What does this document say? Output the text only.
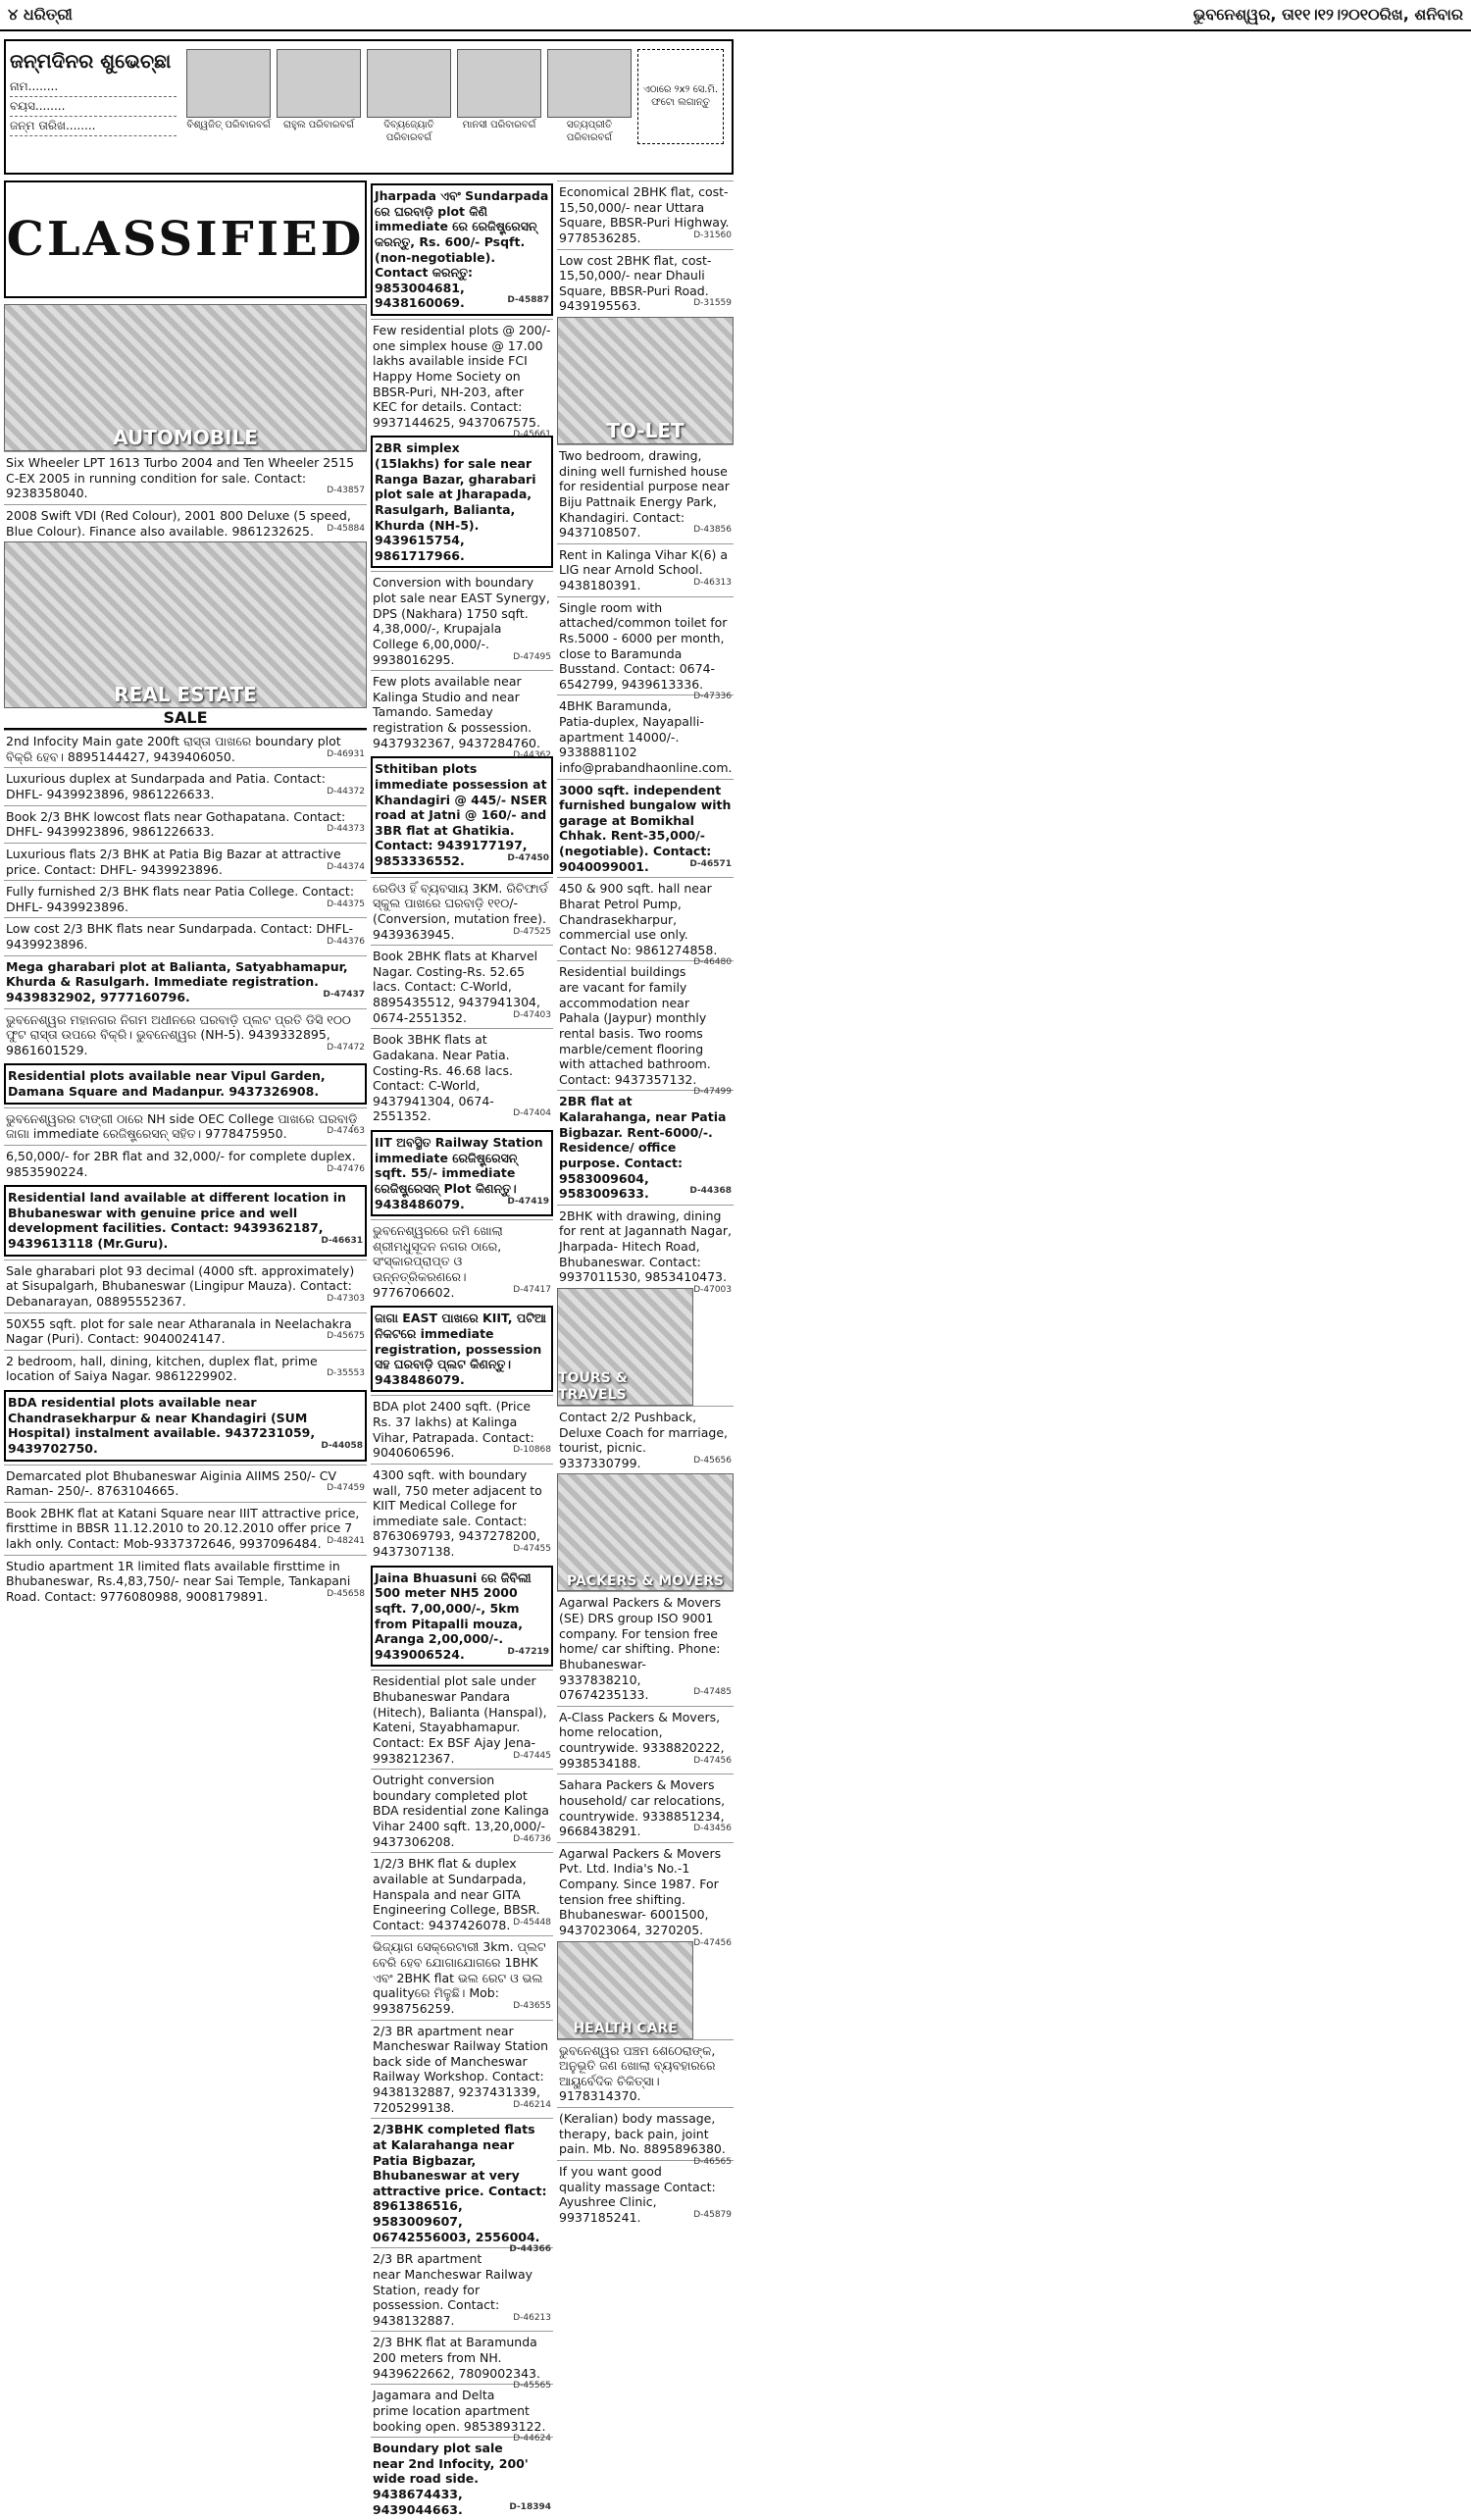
୪ ଧରିତ୍ରୀ	ଭୁବନେଶ୍ୱର, ତା୧୧।୧୨।୨୦୧୦ରିଖ, ଶନିବାର
ଜନ୍ମଦିନର ଶୁଭେଚ୍ଛା
ନାମ........
ବୟସ........
ଜନ୍ମ ତାରିଖ........	ବିଶ୍ୱଜିତ୍ ପରିବାରବର୍ଗ	ରାହୁଲ ପରିବାରବର୍ଗ	ଦିବ୍ୟଜ୍ୟୋତି ପରିବାରବର୍ଗ
ମାନସୀ ପରିବାରବର୍ଗ	ସତ୍ୟପ୍ରୀତି ପରିବାରବର୍ଗ
ଏଠାରେ ୨x୨ ସେ.ମି. ଫଟୋ ଲଗାନ୍ତୁ
CLASSIFIED
AUTOMOBILE
Six Wheeler LPT 1613 Turbo 2004 and Ten Wheeler 2515 C-EX 2005 in running condition for sale. Contact: 9238358040.	D-43857
2008 Swift VDI (Red Colour), 2001 800 Deluxe (5 speed, Blue Colour). Finance also available. 9861232625. D-45884
REAL ESTATE
SALE
2nd Infocity Main gate 200ft ରାସ୍ତା ପାଖରେ boundary plot ବିକ୍ରି ହେବ। 8895144427, 9439406050.	D-46931
Luxurious duplex at Sundarpada and Patia. Contact: DHFL- 9439923896, 9861226633.	D-44372
Book 2/3 BHK lowcost flats near Gothapatana. Contact: DHFL- 9439923896, 9861226633.	D-44373
Luxurious flats 2/3 BHK at Patia Big Bazar at attractive price. Contact: DHFL- 9439923896.	D-44374
Fully furnished 2/3 BHK flats near Patia College. Contact: DHFL- 9439923896.	D-44375
Low cost 2/3 BHK flats near Sundarpada. Contact: DHFL- 9439923896.	D-44376
Mega gharabari plot at Balianta, Satyabhamapur, Khurda & Rasulgarh. Immediate registration. 9439832902, 9777160796.	D-47437
ଭୁବନେଶ୍ୱର ମହାନଗର ନିଗମ ଅଧୀନରେ ଘରବାଡ଼ି ପ୍ଲଟ ପ୍ରତି ଡିସି ୧୦୦ ଫୁଟ ରାସ୍ତା ଉପରେ ବିକ୍ରି। ଭୁବନେଶ୍ୱର (NH-5). 9439332895, 9861601529.	D-47472
Residential plots available near Vipul Garden, Damana Square and Madanpur. 9437326908.
ଭୁବନେଶ୍ୱରର ଟାଙ୍ଗୀ ଠାରେ NH side OEC College ପାଖରେ ଘରବାଡ଼ି ଜାଗା immediate ରେଜିଷ୍ଟ୍ରେସନ୍ ସହିତ। 9778475950.	D-47463
6,50,000/- for 2BR flat and 32,000/- for complete duplex. 9853590224.	D-47476
Residential land available at different location in Bhubaneswar with genuine price and well development facilities. Contact: 9439362187, 9439613118 (Mr.Guru).	D-46631
Sale gharabari plot 93 decimal (4000 sft. approximately) at Sisupalgarh, Bhubaneswar (Lingipur Mauza). Contact: Debanarayan, 08895552367.	D-47303
50X55 sqft. plot for sale near Atharanala in Neelachakra Nagar (Puri). Contact: 9040024147.	D-45675
2 bedroom, hall, dining, kitchen, duplex flat, prime location of Saiya Nagar. 9861229902.	D-35553
BDA residential plots available near Chandrasekharpur & near Khandagiri (SUM Hospital) instalment available. 9437231059, 9439702750.	D-44058
Demarcated plot Bhubaneswar Aiginia AIIMS 250/- CV Raman- 250/-. 8763104665.	D-47459
Book 2BHK flat at Katani Square near IIIT attractive price, firsttime in BBSR 11.12.2010 to 20.12.2010 offer price 7 lakh only. Contact: Mob-9337372646, 9937096484. D-48241
Studio apartment 1R limited flats available firsttime in Bhubaneswar, Rs.4,83,750/- near Sai Temple, Tankapani Road. Contact: 9776080988, 9008179891.	D-45658
Jharpada ଏବଂ Sundarpada ରେ ଘରବାଡ଼ି plot କିଣି immediate ରେ ରେଜିଷ୍ଟ୍ରେସନ୍ କରନ୍ତୁ, Rs. 600/- Psqft. (non-negotiable). Contact କରନ୍ତୁ: 9853004681, 9438160069.	D-45887
Few residential plots @ 200/- one simplex house @ 17.00 lakhs available inside FCI Happy Home Society on BBSR-Puri, NH-203, after KEC for details. Contact: 9937144625, 9437067575.
D-45661
2BR simplex (15lakhs) for sale near Ranga Bazar, gharabari plot sale at Jharapada, Rasulgarh, Balianta, Khurda (NH-5). 9439615754, 9861717966.
Conversion with boundary plot sale near EAST Synergy, DPS (Nakhara) 1750 sqft. 4,38,000/-, Krupajala College 6,00,000/-. 9938016295.	D-47495
Few plots available near Kalinga Studio and near Tamando. Sameday registration & possession. 9437932367, 9437284760.
D-44362
Sthitiban plots immediate possession at Khandagiri @ 445/- NSER road at Jatni @ 160/- and 3BR flat at Ghatikia. Contact: 9439177197, 9853336552.	D-47450
ରେଡିଓ ହିଁ ବ୍ୟବସାୟ 3KM. ରିଚିଫାର୍ଡ ସ୍କୁଲ ପାଖରେ ଘରବାଡ଼ି ୧୧୦/- (Conversion, mutation free). 9439363945.	D-47525
Book 2BHK flats at Kharvel Nagar. Costing-Rs. 52.65 lacs. Contact: C-World, 8895435512, 9437941304, 0674-2551352.	D-47403
Book 3BHK flats at Gadakana. Near Patia. Costing-Rs. 46.68 lacs. Contact: C-World, 9437941304, 0674-2551352.	D-47404
IIT ଅବସ୍ଥିତ Railway Station immediate ରେଜିଷ୍ଟ୍ରେସନ୍ sqft. 55/- immediate ରେଜିଷ୍ଟ୍ରେସନ୍ Plot କିଣନ୍ତୁ। 9438486079.	D-47419
ଭୁବନେଶ୍ୱରରେ ଜମି ଖୋଲା ଶ୍ରୀମଧୁସୂଦନ ନଗର ଠାରେ, ସଂସ୍କାରପ୍ରାପ୍ତ ଓ ଉନ୍ନତ୍ରିକରଣରେ। 9776706602.	D-47417
ଜାଗା EAST ପାଖରେ KIIT, ପଟିଆ ନିକଟରେ immediate registration, possession ସହ ଘରବାଡ଼ି ପ୍ଲଟ କିଣନ୍ତୁ। 9438486079.
BDA plot 2400 sqft. (Price Rs. 37 lakhs) at Kalinga Vihar, Patrapada. Contact: 9040606596.	D-10868
4300 sqft. with boundary wall, 750 meter adjacent to KIIT Medical College for immediate sale. Contact: 8763069793, 9437278200, 9437307138.	D-47455
Jaina Bhuasuni ରେ ଜିବିଲୀ 500 meter NH5 2000 sqft. 7,00,000/-, 5km from Pitapalli mouza, Aranga 2,00,000/-. 9439006524.	D-47219
Residential plot sale under Bhubaneswar Pandara (Hitech), Balianta (Hanspal), Kateni, Stayabhamapur. Contact: Ex BSF Ajay Jena- 9938212367.	D-47445
Outright conversion boundary completed plot BDA residential zone Kalinga Vihar 2400 sqft. 13,20,000/- 9437306208.	D-46736
1/2/3 BHK flat & duplex available at Sundarpada, Hanspala and near GITA Engineering College, BBSR. Contact: 9437426078. D-45448
ଭିଜ୍ୟାଗ ସେକ୍ରେଟାରୀ 3km. ପ୍ଲଟ ବେରି ହେବ ଯୋଗାଯୋଗରେ 1BHK ଏବଂ 2BHK flat ଭଲ ରେଟ ଓ ଭଲ qualityରେ ମିଳୁଛି। Mob: 9938756259.	D-43655
2/3 BR apartment near Mancheswar Railway Station back side of Mancheswar Railway Workshop. Contact: 9438132887, 9237431339, 7205299138.	D-46214
2/3BHK completed flats at Kalarahanga near Patia Bigbazar, Bhubaneswar at very attractive price. Contact: 8961386516, 9583009607, 06742556003, 2556004.
D-44366
2/3 BR apartment near Mancheswar Railway Station, ready for possession. Contact: 9438132887.	D-46213
2/3 BHK flat at Baramunda 200 meters from NH. 9439622662, 7809002343.
D-45565
Jagamara and Delta prime location apartment booking open. 9853893122.
D-44624
Boundary plot sale near 2nd Infocity, 200' wide road side. 9438674433, 9439044663.	D-18394
Economical 2BHK flat, cost-15,50,000/- near Uttara Square, BBSR-Puri Highway. 9778536285.	D-31560
Low cost 2BHK flat, cost-15,50,000/- near Dhauli Square, BBSR-Puri Road. 9439195563.	D-31559
TO-LET
Two bedroom, drawing, dining well furnished house for residential purpose near Biju Pattnaik Energy Park, Khandagiri. Contact: 9437108507.	D-43856
Rent in Kalinga Vihar K(6) a LIG near Arnold School. 9438180391.	D-46313
Single room with attached/common toilet for Rs.5000 - 6000 per month, close to Baramunda Busstand. Contact: 0674-6542799, 9439613336.
D-47336
4BHK Baramunda, Patia-duplex, Nayapalli-apartment 14000/-. 9338881102 info@prabandhaonline.com.
3000 sqft. independent furnished bungalow with garage at Bomikhal Chhak. Rent-35,000/- (negotiable). Contact: 9040099001.	D-46571
450 & 900 sqft. hall near Bharat Petrol Pump, Chandrasekharpur, commercial use only. Contact No: 9861274858.
D-46480
Residential buildings are vacant for family accommodation near Pahala (Jaypur) monthly rental basis. Two rooms marble/cement flooring with attached bathroom. Contact: 9437357132.
D-47499
2BR flat at Kalarahanga, near Patia Bigbazar. Rent-6000/-. Residence/ office purpose. Contact: 9583009604, 9583009633.	D-44368
2BHK with drawing, dining for rent at Jagannath Nagar, Jharpada- Hitech Road, Bhubaneswar. Contact: 9937011530, 9853410473.
D-47003
TOURS & TRAVELS
Contact 2/2 Pushback, Deluxe Coach for marriage, tourist, picnic. 9337330799.	D-45656
PACKERS & MOVERS
Agarwal Packers & Movers (SE) DRS group ISO 9001 company. For tension free home/ car shifting. Phone: Bhubaneswar- 9337838210, 07674235133.	D-47485
A-Class Packers & Movers, home relocation, countrywide. 9338820222, 9938534188.	D-47456
Sahara Packers & Movers household/ car relocations, countrywide. 9338851234, 9668438291.	D-43456
Agarwal Packers & Movers Pvt. Ltd. India's No.-1 Company. Since 1987. For tension free shifting. Bhubaneswar- 6001500, 9437023064, 3270205.
D-47456
HEALTH CARE
ଭୁବନେଶ୍ୱର ପଞ୍ଚମ ଶେଠେରାଙ୍କ, ଅନୁଭୂତି ଜଣ ଖୋଲା ବ୍ୟବହାରରେ ଆୟୁର୍ବେଦିକ ଚିକିତ୍ସା। 9178314370.
(Keralian) body massage, therapy, back pain, joint pain. Mb. No. 8895896380.
D-46565
If you want good quality massage Contact: Ayushree Clinic, 9937185241.	D-45879
